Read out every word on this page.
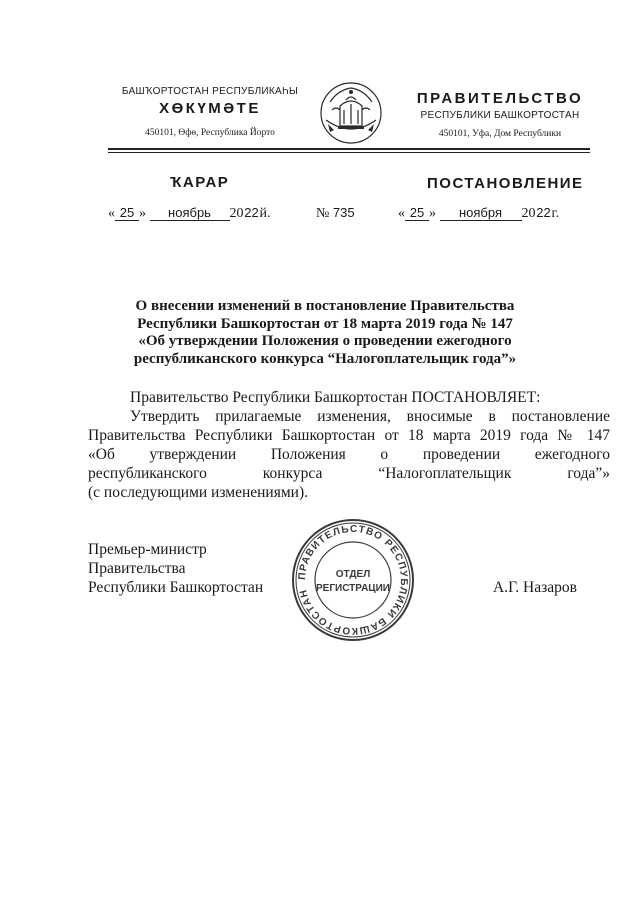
БАШҠОРТОСТАН РЕСПУБЛИКАҺЫ
ХӨКҮМӘТЕ
450101, Өфө, Республика Йорто
ПРАВИТЕЛЬСТВО
РЕСПУБЛИКИ БАШКОРТОСТАН
450101, Уфа, Дом Республики
ҠАРАР	ПОСТАНОВЛЕНИЕ
« 25 » ноябрь 2022й.	№ 735	« 25 » ноября 2022г.
О внесении изменений в постановление Правительства
Республики Башкортостан от 18 марта 2019 года № 147
«Об утверждении Положения о проведении ежегодного
республиканского конкурса “Налогоплательщик года”»
Правительство Республики Башкортостан ПОСТАНОВЛЯЕТ:
Утвердить прилагаемые изменения, вносимые в постановление
Правительства Республики Башкортостан от 18 марта 2019 года № 147
«Об утверждении Положения о проведении ежегодного
республиканского конкурса “Налогоплательщик года”»
(с последующими изменениями).
Премьер-министр
Правительства
Республики Башкортостан	А.Г. Назаров
ПРАВИТЕЛЬСТВО РЕСПУБЛИКИ БАШКОРТОСТАН
ОТДЕЛ
РЕГИСТРАЦИИ
